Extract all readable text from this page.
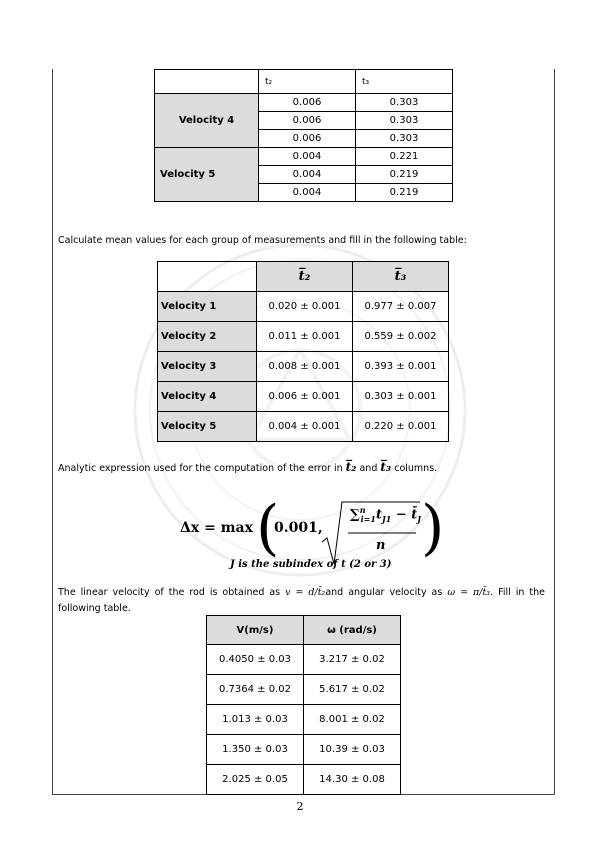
	t₂	t₃
Velocity 4	0.006	0.303
	0.006	0.303
	0.006	0.303
Velocity 5	0.004	0.221
	0.004	0.219
	0.004	0.219
Calculate mean values for each group of measurements and fill in the following table:
	t̅₂	t̅₃
Velocity 1	0.020 ± 0.001	0.977 ± 0.007
Velocity 2	0.011 ± 0.001	0.559 ± 0.002
Velocity 3	0.008 ± 0.001	0.393 ± 0.001
Velocity 4	0.006 ± 0.001	0.303 ± 0.001
Velocity 5	0.004 ± 0.001	0.220 ± 0.001
Analytic expression used for the computation of the error in t̅₂ and t̅₃ columns.
Δx = max (
0.001,
$\sum^n_{i=1}t_{J1}$ − $t̄_J$
n )
J is the subindex of t (2 or 3)
The linear velocity of the rod is obtained as v = d/t̄₂and angular velocity as ω = π/t̄₃. Fill in the following table.
V(m/s)	ω (rad/s)
0.4050 ± 0.03	3.217 ± 0.02
0.7364 ± 0.02	5.617 ± 0.02
1.013 ± 0.03	8.001 ± 0.02
1.350 ± 0.03	10.39 ± 0.03
2.025 ± 0.05	14.30 ± 0.08
2
